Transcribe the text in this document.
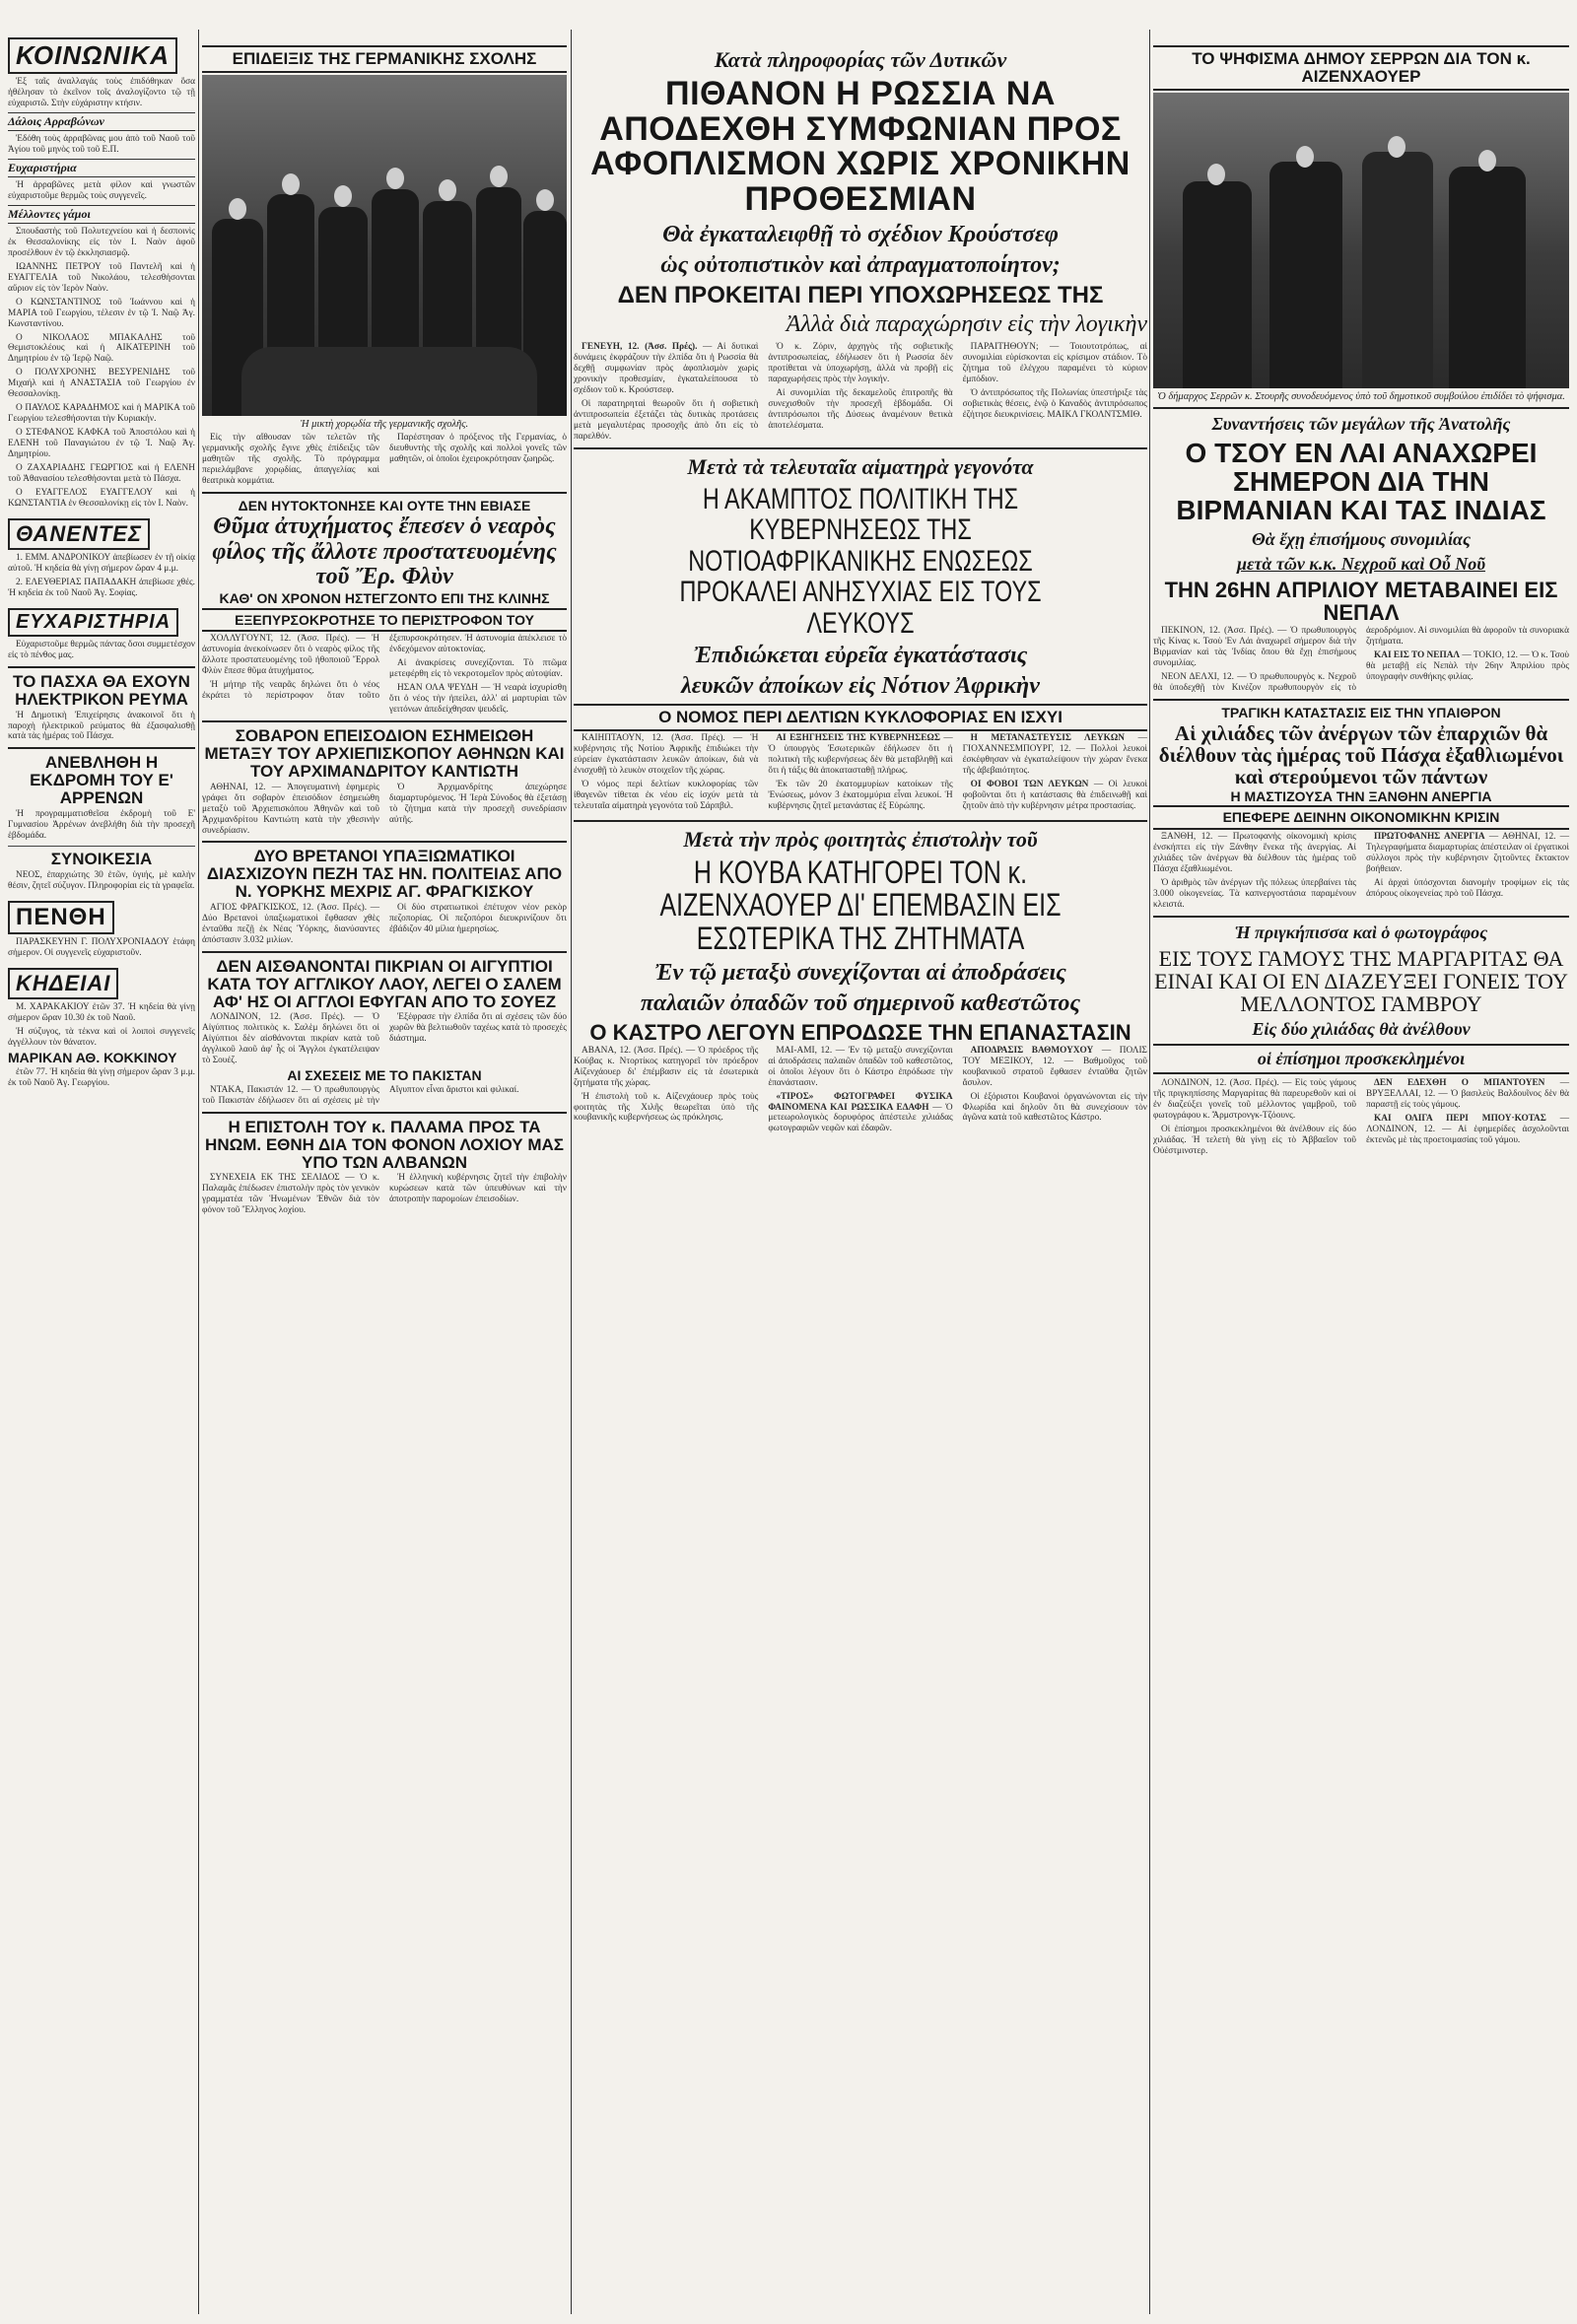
ΚΟΙΝΩΝΙΚΑ

Ἐξ ταῖς ἀναλλαγάς τοὺς ἐπιδόθηκαν ὅσα ἠθέλησαν τὸ ἐκεῖνον τοῖς ἀναλογίζοντο τῷ τῇ εὐχαριστῶ. Στὴν εὐχάριστην κτήσιν.

Δάλοις Αρραβώνων

Ἐδόθη τοὺς ἀρραβῶνας μου ἀπὸ τοῦ Ναοῦ τοῦ Ἁγίου τοῦ μηνὸς τοῦ τοῦ Ε.Π.

Ευχαριστήρια

Ἡ ἀρραβῶνες μετὰ φίλον καὶ γνωστῶν εὐχαριστοῦμε θερμῶς τοὺς συγγενεῖς.

Μέλλοντες γάμοι

Σπουδαστὴς τοῦ Πολυτεχνείου καὶ ἡ δεσποινὶς ἐκ Θεσσαλονίκης εἰς τὸν Ι. Ναὸν ἀφοῦ προσέλθουν ἐν τῷ ἐκκλησιασμῷ.

ΙΩΑΝΝΗΣ ΠΕΤΡΟΥ τοῦ Παντελῆ καὶ ἡ ΕΥΑΓΓΕΛΙΑ τοῦ Νικολάου, τελεσθήσονται αὔριον εἰς τὸν Ἱερὸν Ναὸν.

Ο ΚΩΝΣΤΑΝΤΙΝΟΣ τοῦ Ἰωάννου καὶ ἡ ΜΑΡΙΑ τοῦ Γεωργίου, τέλεσιν ἐν τῷ Ἱ. Ναῷ Ἁγ. Κωνσταντίνου.

Ο ΝΙΚΟΛΑΟΣ ΜΠΑΚΑΛΗΣ τοῦ Θεμιστοκλέους καὶ ἡ ΑΙΚΑΤΕΡΙΝΗ τοῦ Δημητρίου ἐν τῷ Ἱερῷ Ναῷ.

Ο ΠΟΛΥΧΡΟΝΗΣ ΒΕΣΥΡΕΝΙΔΗΣ τοῦ Μιχαήλ καὶ ἡ ΑΝΑΣΤΑΣΙΑ τοῦ Γεωργίου ἐν Θεσσαλονίκῃ.

Ο ΠΑΥΛΟΣ ΚΑΡΑΔΗΜΟΣ καὶ ἡ ΜΑΡΙΚΑ τοῦ Γεωργίου τελεσθήσονται τὴν Κυριακήν.

Ο ΣΤΕΦΑΝΟΣ ΚΑΦΚΑ τοῦ Ἀποστόλου καὶ ἡ ΕΛΕΝΗ τοῦ Παναγιώτου ἐν τῷ Ἱ. Ναῷ Ἁγ. Δημητρίου.

Ο ΖΑΧΑΡΙΑΔΗΣ ΓΕΩΡΓΙΟΣ καὶ ἡ ΕΛΕΝΗ τοῦ Ἀθανασίου τελεσθήσονται μετὰ τὸ Πάσχα.

Ο ΕΥΑΓΓΕΛΟΣ ΕΥΑΓΓΕΛΟΥ καὶ ἡ ΚΩΝΣΤΑΝΤΙΑ ἐν Θεσσαλονίκῃ εἰς τὸν Ι. Ναὸν.

ΘΑΝΕΝΤΕΣ

1. ΕΜΜ. ΑΝΔΡΟΝΙΚΟΥ ἀπεβίωσεν ἐν τῇ οἰκίᾳ αὐτοῦ. Ἡ κηδεία θὰ γίνῃ σήμερον ὥραν 4 μ.μ.

2. ΕΛΕΥΘΕΡΙΑΣ ΠΑΠΑΔΑΚΗ ἀπεβίωσε χθές. Ἡ κηδεία ἐκ τοῦ Ναοῦ Ἁγ. Σοφίας.

ΕΥΧΑΡΙΣΤΗΡΙΑ

Εὐχαριστοῦμε θερμῶς πάντας ὅσοι συμμετέσχον εἰς τὸ πένθος μας.

ΤΟ ΠΑΣΧΑ ΘΑ ΕΧΟΥΝ ΗΛΕΚΤΡΙΚΟΝ ΡΕΥΜΑ

Ἡ Δημοτικὴ Ἐπιχείρησις ἀνακοινοῖ ὅτι ἡ παροχὴ ἠλεκτρικοῦ ρεύματος θὰ ἐξασφαλισθῇ κατὰ τὰς ἡμέρας τοῦ Πάσχα.

ΑΝΕΒΛΗΘΗ Η ΕΚΔΡΟΜΗ ΤΟΥ Ε' ΑΡΡΕΝΩΝ

Ἡ προγραμματισθεῖσα ἐκδρομὴ τοῦ Ε' Γυμνασίου Ἀρρένων ἀνεβλήθη διὰ τὴν προσεχῆ ἑβδομάδα.

ΣΥΝΟΙΚΕΣΙΑ

ΝΕΟΣ, ἐπαρχιώτης 30 ἐτῶν, ὑγιής, μὲ καλὴν θέσιν, ζητεῖ σύζυγον. Πληροφορίαι εἰς τὰ γραφεῖα.

ΠΕΝΘΗ

ΠΑΡΑΣΚΕΥΗΝ Γ. ΠΟΛΥΧΡΟΝΙΑΔΟΥ ἐτάφη σήμερον. Οἱ συγγενεῖς εὐχαριστοῦν.

ΚΗΔΕΙΑΙ

Μ. ΧΑΡΑΚΑΚΙΟΥ ἐτῶν 37. Ἡ κηδεία θὰ γίνῃ σήμερον ὥραν 10.30 ἐκ τοῦ Ναοῦ.

Ἡ σύζυγος, τὰ τέκνα καὶ οἱ λοιποὶ συγγενεῖς ἀγγέλλουν τὸν θάνατον.

ΜΑΡΙΚΑΝ ΑΘ. ΚΟΚΚΙΝΟΥ

ἐτῶν 77. Ἡ κηδεία θὰ γίνῃ σήμερον ὥραν 3 μ.μ. ἐκ τοῦ Ναοῦ Ἁγ. Γεωργίου.

ΕΠΙΔΕΙΞΙΣ ΤΗΣ ΓΕΡΜΑΝΙΚΗΣ ΣΧΟΛΗΣ
Ἡ μικτὴ χορῳδία τῆς γερμανικῆς σχολῆς.

Εἰς τὴν αἴθουσαν τῶν τελετῶν τῆς γερμανικῆς σχολῆς ἔγινε χθὲς ἐπίδειξις τῶν μαθητῶν τῆς σχολῆς. Τὸ πρόγραμμα περιελάμβανε χορῳδίας, ἀπαγγελίας καὶ θεατρικὰ κομμάτια.

Παρέστησαν ὁ πρόξενος τῆς Γερμανίας, ὁ διευθυντὴς τῆς σχολῆς καὶ πολλοὶ γονεῖς τῶν μαθητῶν, οἱ ὁποῖοι ἐχειροκρότησαν ζωηρῶς.

ΔΕΝ ΗΥΤΟΚΤΟΝΗΣΕ ΚΑΙ ΟΥΤΕ ΤΗΝ ΕΒΙΑΣΕ
Θῦμα ἀτυχήματος ἔπεσεν ὁ νεαρὸς φίλος τῆς ἄλλοτε προστατευομένης τοῦ Ἔρ. Φλὺν
ΚΑΘ' ΟΝ ΧΡΟΝΟΝ ΗΣΤΕΓΖΟΝΤΟ ΕΠΙ ΤΗΣ ΚΛΙΝΗΣ
ΕΞΕΠΥΡΣΟΚΡΟΤΗΣΕ ΤΟ ΠΕΡΙΣΤΡΟΦΟΝ ΤΟΥ

ΧΟΛΛΥΓΟΥΝΤ, 12. (Ἀσσ. Πρές). — Ἡ ἀστυνομία ἀνεκοίνωσεν ὅτι ὁ νεαρὸς φίλος τῆς ἄλλοτε προστατευομένης τοῦ ἠθοποιοῦ Ἔρρολ Φλὺν ἔπεσε θῦμα ἀτυχήματος.

Ἡ μήτηρ τῆς νεαρᾶς δηλώνει ὅτι ὁ νέος ἐκράτει τὸ περίστροφον ὅταν τοῦτο ἐξεπυρσοκρότησεν. Ἡ ἀστυνομία ἀπέκλεισε τὸ ἐνδεχόμενον αὐτοκτονίας.

Αἱ ἀνακρίσεις συνεχίζονται. Τὸ πτῶμα μετεφέρθη εἰς τὸ νεκροτομεῖον πρὸς αὐτοψίαν.

ΗΣΑΝ ΟΛΑ ΨΕΥΔΗ — Ἡ νεαρὰ ἰσχυρίσθη ὅτι ὁ νέος τὴν ἠπείλει, ἀλλ' αἱ μαρτυρίαι τῶν γειτόνων ἀπεδείχθησαν ψευδεῖς.

ΣΟΒΑΡΟΝ ΕΠΕΙΣΟΔΙΟΝ ΕΣΗΜΕΙΩΘΗ ΜΕΤΑΞΥ ΤΟΥ ΑΡΧΙΕΠΙΣΚΟΠΟΥ ΑΘΗΝΩΝ ΚΑΙ ΤΟΥ ΑΡΧΙΜΑΝΔΡΙΤΟΥ ΚΑΝΤΙΩΤΗ

ΑΘΗΝΑΙ, 12. — Ἀπογευματινὴ ἐφημερὶς γράφει ὅτι σοβαρὸν ἐπεισόδιον ἐσημειώθη μεταξὺ τοῦ Ἀρχιεπισκόπου Ἀθηνῶν καὶ τοῦ Ἀρχιμανδρίτου Καντιώτη κατὰ τὴν χθεσινὴν συνεδρίασιν.

Ὁ Ἀρχιμανδρίτης ἀπεχώρησε διαμαρτυρόμενος. Ἡ Ἱερὰ Σύνοδος θὰ ἐξετάσῃ τὸ ζήτημα κατὰ τὴν προσεχῆ συνεδρίασιν αὐτῆς.

ΔΥΟ ΒΡΕΤΑΝΟΙ ΥΠΑΞΙΩΜΑΤΙΚΟΙ ΔΙΑΣΧΙΖΟΥΝ ΠΕΖΗ ΤΑΣ ΗΝ. ΠΟΛΙΤΕΙΑΣ ΑΠΟ Ν. ΥΟΡΚΗΣ ΜΕΧΡΙΣ ΑΓ. ΦΡΑΓΚΙΣΚΟΥ

ΑΓΙΟΣ ΦΡΑΓΚΙΣΚΟΣ, 12. (Ἀσσ. Πρές). — Δύο Βρετανοὶ ὑπαξιωματικοὶ ἔφθασαν χθὲς ἐνταῦθα πεζῇ ἐκ Νέας Ὑόρκης, διανύσαντες ἀπόστασιν 3.032 μιλίων.

Οἱ δύο στρατιωτικοὶ ἐπέτυχον νέον ρεκὸρ πεζοπορίας. Οἱ πεζοπόροι διευκρινίζουν ὅτι ἐβάδιζον 40 μίλια ἡμερησίως.

ΔΕΝ ΑΙΣΘΑΝΟΝΤΑΙ ΠΙΚΡΙΑΝ ΟΙ ΑΙΓΥΠΤΙΟΙ ΚΑΤΑ ΤΟΥ ΑΓΓΛΙΚΟΥ ΛΑΟΥ, ΛΕΓΕΙ Ο ΣΑΛΕΜ ΑΦ' ΗΣ ΟΙ ΑΓΓΛΟΙ ΕΦΥΓΑΝ ΑΠΟ ΤΟ ΣΟΥΕΖ

ΛΟΝΔΙΝΟΝ, 12. (Ἀσσ. Πρές). — Ὁ Αἰγύπτιος πολιτικὸς κ. Σαλὲμ δηλώνει ὅτι οἱ Αἰγύπτιοι δὲν αἰσθάνονται πικρίαν κατὰ τοῦ ἀγγλικοῦ λαοῦ ἀφ' ἧς οἱ Ἄγγλοι ἐγκατέλειψαν τὸ Σουέζ.

Ἐξέφρασε τὴν ἐλπίδα ὅτι αἱ σχέσεις τῶν δύο χωρῶν θὰ βελτιωθοῦν ταχέως κατὰ τὸ προσεχὲς διάστημα.

ΑΙ ΣΧΕΣΕΙΣ ΜΕ ΤΟ ΠΑΚΙΣΤΑΝ

ΝΤΑΚΑ, Πακιστάν 12. — Ὁ πρωθυπουργὸς τοῦ Πακιστὰν ἐδήλωσεν ὅτι αἱ σχέσεις μὲ τὴν Αἴγυπτον εἶναι ἄριστοι καὶ φιλικαί.

Η ΕΠΙΣΤΟΛΗ ΤΟΥ κ. ΠΑΛΑΜΑ ΠΡΟΣ ΤΑ ΗΝΩΜ. ΕΘΝΗ ΔΙΑ ΤΟΝ ΦΟΝΟΝ ΛΟΧΙΟΥ ΜΑΣ ΥΠΟ ΤΩΝ ΑΛΒΑΝΩΝ

ΣΥΝΕΧΕΙΑ ΕΚ ΤΗΣ ΣΕΛΙΔΟΣ — Ὁ κ. Παλαμᾶς ἐπέδωσεν ἐπιστολὴν πρὸς τὸν γενικὸν γραμματέα τῶν Ἡνωμένων Ἐθνῶν διὰ τὸν φόνον τοῦ Ἕλληνος λοχίου.

Ἡ ἑλληνικὴ κυβέρνησις ζητεῖ τὴν ἐπιβολὴν κυρώσεων κατὰ τῶν ὑπευθύνων καὶ τὴν ἀποτροπὴν παρομοίων ἐπεισοδίων.

Κατὰ πληροφορίας τῶν Δυτικῶν
ΠΙΘΑΝΟΝ Η ΡΩΣΣΙΑ ΝΑ ΑΠΟΔΕΧΘΗ ΣΥΜΦΩΝΙΑΝ ΠΡΟΣ ΑΦΟΠΛΙΣΜΟΝ ΧΩΡΙΣ ΧΡΟΝΙΚΗΝ ΠΡΟΘΕΣΜΙΑΝ
Θὰ ἐγκαταλειφθῇ τὸ σχέδιον Κρούστσεφ
ὡς οὐτοπιστικὸν καὶ ἀπραγματοποίητον;
ΔΕΝ ΠΡΟΚΕΙΤΑΙ ΠΕΡΙ ΥΠΟΧΩΡΗΣΕΩΣ ΤΗΣ
Ἀλλὰ διὰ παραχώρησιν εἰς τὴν λογικὴν

ΓΕΝΕΥΗ, 12. (Ἀσσ. Πρές). — Αἱ δυτικαὶ δυνάμεις ἐκφράζουν τὴν ἐλπίδα ὅτι ἡ Ρωσσία θὰ δεχθῇ συμφωνίαν πρὸς ἀφοπλισμὸν χωρὶς χρονικὴν προθεσμίαν, ἐγκαταλείπουσα τὸ σχέδιον τοῦ κ. Κρούστσεφ.

Οἱ παρατηρηταὶ θεωροῦν ὅτι ἡ σοβιετικὴ ἀντιπροσωπεία ἐξετάζει τὰς δυτικὰς προτάσεις μετὰ μεγαλυτέρας προσοχῆς ἀπὸ ὅτι εἰς τὸ παρελθόν.

Ὁ κ. Ζόριν, ἀρχηγὸς τῆς σοβιετικῆς ἀντιπροσωπείας, ἐδήλωσεν ὅτι ἡ Ρωσσία δὲν προτίθεται νὰ ὑποχωρήσῃ, ἀλλὰ νὰ προβῇ εἰς παραχωρήσεις πρὸς τὴν λογικήν.

Αἱ συνομιλίαι τῆς δεκαμελοῦς ἐπιτροπῆς θὰ συνεχισθοῦν τὴν προσεχῆ ἑβδομάδα. Οἱ ἀντιπρόσωποι τῆς Δύσεως ἀναμένουν θετικὰ ἀποτελέσματα.

ΠΑΡΑΙΤΗΘΟΥΝ; — Τοιουτοτρόπως, αἱ συνομιλίαι εὑρίσκονται εἰς κρίσιμον στάδιον. Τὸ ζήτημα τοῦ ἐλέγχου παραμένει τὸ κύριον ἐμπόδιον.

Ὁ ἀντιπρόσωπος τῆς Πολωνίας ὑπεστήριξε τὰς σοβιετικὰς θέσεις, ἐνῷ ὁ Καναδὸς ἀντιπρόσωπος ἐζήτησε διευκρινίσεις. ΜΑΙΚΛ ΓΚΟΛΝΤΣΜΙΘ.

Μετὰ τὰ τελευταῖα αἱματηρὰ γεγονότα
Η ΑΚΑΜΠΤΟΣ ΠΟΛΙΤΙΚΗ ΤΗΣ ΚΥΒΕΡΝΗΣΕΩΣ ΤΗΣ ΝΟΤΙΟΑΦΡΙΚΑΝΙΚΗΣ ΕΝΩΣΕΩΣ ΠΡΟΚΑΛΕΙ ΑΝΗΣΥΧΙΑΣ ΕΙΣ ΤΟΥΣ ΛΕΥΚΟΥΣ
Ἐπιδιώκεται εὐρεῖα ἐγκατάστασις
λευκῶν ἀποίκων εἰς Νότιον Ἀφρικὴν
Ο ΝΟΜΟΣ ΠΕΡΙ ΔΕΛΤΙΩΝ ΚΥΚΛΟΦΟΡΙΑΣ ΕΝ ΙΣΧΥΙ

ΚΑΙΗΠΤΑΟΥΝ, 12. (Ἀσσ. Πρές). — Ἡ κυβέρνησις τῆς Νοτίου Ἀφρικῆς ἐπιδιώκει τὴν εὐρείαν ἐγκατάστασιν λευκῶν ἀποίκων, διὰ νὰ ἐνισχυθῇ τὸ λευκὸν στοιχεῖον τῆς χώρας.

Ὁ νόμος περὶ δελτίων κυκλοφορίας τῶν ἰθαγενῶν τίθεται ἐκ νέου εἰς ἰσχύν μετὰ τὰ τελευταῖα αἱματηρὰ γεγονότα τοῦ Σάρπβιλ.

ΑΙ ΕΞΗΓΗΣΕΙΣ ΤΗΣ ΚΥΒΕΡΝΗΣΕΩΣ — Ὁ ὑπουργὸς Ἐσωτερικῶν ἐδήλωσεν ὅτι ἡ πολιτικὴ τῆς κυβερνήσεως δὲν θὰ μεταβληθῇ καὶ ὅτι ἡ τάξις θὰ ἀποκατασταθῇ πλήρως.

Ἐκ τῶν 20 ἑκατομμυρίων κατοίκων τῆς Ἐνώσεως, μόνον 3 ἑκατομμύρια εἶναι λευκοί. Ἡ κυβέρνησις ζητεῖ μετανάστας ἐξ Εὐρώπης.

Η ΜΕΤΑΝΑΣΤΕΥΣΙΣ ΛΕΥΚΩΝ — ΓΙΟΧΑΝΝΕΣΜΠΟΥΡΓ, 12. — Πολλοὶ λευκοὶ ἐσκέφθησαν νὰ ἐγκαταλείψουν τὴν χώραν ἕνεκα τῆς ἀβεβαιότητος.

ΟΙ ΦΟΒΟΙ ΤΩΝ ΛΕΥΚΩΝ — Οἱ λευκοὶ φοβοῦνται ὅτι ἡ κατάστασις θὰ ἐπιδεινωθῇ καὶ ζητοῦν ἀπὸ τὴν κυβέρνησιν μέτρα προστασίας.

Μετὰ τὴν πρὸς φοιτητὰς ἐπιστολὴν τοῦ
Η ΚΟΥΒΑ ΚΑΤΗΓΟΡΕΙ ΤΟΝ κ. ΑΙΖΕΝΧΑΟΥΕΡ ΔΙ' ΕΠΕΜΒΑΣΙΝ ΕΙΣ ΕΣΩΤΕΡΙΚΑ ΤΗΣ ΖΗΤΗΜΑΤΑ
Ἐν τῷ μεταξὺ συνεχίζονται αἱ ἀποδράσεις
παλαιῶν ὀπαδῶν τοῦ σημερινοῦ καθεστῶτος
Ο ΚΑΣΤΡΟ ΛΕΓΟΥΝ ΕΠΡΟΔΩΣΕ ΤΗΝ ΕΠΑΝΑΣΤΑΣΙΝ

ΑΒΑΝΑ, 12. (Ἀσσ. Πρές). — Ὁ πρόεδρος τῆς Κούβας κ. Ντορτίκος κατηγορεῖ τὸν πρόεδρον Αἰζενχάουερ δι' ἐπέμβασιν εἰς τὰ ἐσωτερικὰ ζητήματα τῆς χώρας.

Ἡ ἐπιστολὴ τοῦ κ. Αἰζενχάουερ πρὸς τοὺς φοιτητὰς τῆς Χιλῆς θεωρεῖται ὑπὸ τῆς κουβανικῆς κυβερνήσεως ὡς πρόκλησις.

ΜΑΙ-ΑΜΙ, 12. — Ἐν τῷ μεταξὺ συνεχίζονται αἱ ἀποδράσεις παλαιῶν ὀπαδῶν τοῦ καθεστῶτος, οἱ ὁποῖοι λέγουν ὅτι ὁ Κάστρο ἐπρόδωσε τὴν ἐπανάστασιν.

«ΤΙΡΟΣ» ΦΩΤΟΓΡΑΦΕΙ ΦΥΣΙΚΑ ΦΑΙΝΟΜΕΝΑ ΚΑΙ ΡΩΣΣΙΚΑ ΕΔΑΦΗ — Ὁ μετεωρολογικὸς δορυφόρος ἀπέστειλε χιλιάδας φωτογραφιῶν νεφῶν καὶ ἐδαφῶν.

ΑΠΟΔΡΑΣΙΣ ΒΑΘΜΟΥΧΟΥ — ΠΟΛΙΣ ΤΟΥ ΜΕΞΙΚΟΥ, 12. — Βαθμοῦχος τοῦ κουβανικοῦ στρατοῦ ἔφθασεν ἐνταῦθα ζητῶν ἄσυλον.

Οἱ ἐξόριστοι Κουβανοὶ ὀργανώνονται εἰς τὴν Φλωρίδα καὶ δηλοῦν ὅτι θὰ συνεχίσουν τὸν ἀγῶνα κατὰ τοῦ καθεστῶτος Κάστρο.

ΤΟ ΨΗΦΙΣΜΑ ΔΗΜΟΥ ΣΕΡΡΩΝ ΔΙΑ ΤΟΝ κ. ΑΙΖΕΝΧΑΟΥΕΡ
Ὁ δήμαρχος Σερρῶν κ. Στουρῆς συνοδευόμενος ὑπὸ τοῦ δημοτικοῦ συμβούλου ἐπιδίδει τὸ ψήφισμα.
Συναντήσεις τῶν μεγάλων τῆς Ἀνατολῆς
Ο ΤΣΟΥ ΕΝ ΛΑΙ ΑΝΑΧΩΡΕΙ ΣΗΜΕΡΟΝ ΔΙΑ ΤΗΝ ΒΙΡΜΑΝΙΑΝ ΚΑΙ ΤΑΣ ΙΝΔΙΑΣ
Θὰ ἔχῃ ἐπισήμους συνομιλίας
μετὰ τῶν κ.κ. Νεχροῦ καὶ Οὖ Νοῦ
ΤΗΝ 26ΗΝ ΑΠΡΙΛΙΟΥ ΜΕΤΑΒΑΙΝΕΙ ΕΙΣ ΝΕΠΑΛ

ΠΕΚΙΝΟΝ, 12. (Ἀσσ. Πρές). — Ὁ πρωθυπουργὸς τῆς Κίνας κ. Τσοὺ Ἐν Λάι ἀναχωρεῖ σήμερον διὰ τὴν Βιρμανίαν καὶ τὰς Ἰνδίας ὅπου θὰ ἔχῃ ἐπισήμους συνομιλίας.

ΝΕΟΝ ΔΕΛΧΙ, 12. — Ὁ πρωθυπουργὸς κ. Νεχροῦ θὰ ὑποδεχθῇ τὸν Κινέζον πρωθυπουργὸν εἰς τὸ ἀεροδρόμιον. Αἱ συνομιλίαι θὰ ἀφοροῦν τὰ συνοριακὰ ζητήματα.

ΚΑΙ ΕΙΣ ΤΟ ΝΕΠΑΛ — ΤΟΚΙΟ, 12. — Ὁ κ. Τσοὺ θὰ μεταβῇ εἰς Νεπὰλ τὴν 26ην Ἀπριλίου πρὸς ὑπογραφὴν συνθήκης φιλίας.

ΤΡΑΓΙΚΗ ΚΑΤΑΣΤΑΣΙΣ ΕΙΣ ΤΗΝ ΥΠΑΙΘΡΟΝ
Αἱ χιλιάδες τῶν ἀνέργων τῶν ἐπαρχιῶν θὰ διέλθουν τὰς ἡμέρας τοῦ Πάσχα ἐξαθλιωμένοι καὶ στερούμενοι τῶν πάντων
Η ΜΑΣΤΙΖΟΥΣΑ ΤΗΝ ΞΑΝΘΗΝ ΑΝΕΡΓΙΑ
ΕΠΕΦΕΡΕ ΔΕΙΝΗΝ ΟΙΚΟΝΟΜΙΚΗΝ ΚΡΙΣΙΝ

ΞΑΝΘΗ, 12. — Πρωτοφανὴς οἰκονομικὴ κρίσις ἐνσκήπτει εἰς τὴν Ξάνθην ἕνεκα τῆς ἀνεργίας. Αἱ χιλιάδες τῶν ἀνέργων θὰ διέλθουν τὰς ἡμέρας τοῦ Πάσχα ἐξαθλιωμένοι.

Ὁ ἀριθμὸς τῶν ἀνέργων τῆς πόλεως ὑπερβαίνει τὰς 3.000 οἰκογενείας. Τὰ καπνεργοστάσια παραμένουν κλειστά.

ΠΡΩΤΟΦΑΝΗΣ ΑΝΕΡΓΙΑ — ΑΘΗΝΑΙ, 12. — Τηλεγραφήματα διαμαρτυρίας ἀπέστειλαν οἱ ἐργατικοὶ σύλλογοι πρὸς τὴν κυβέρνησιν ζητοῦντες ἔκτακτον βοήθειαν.

Αἱ ἀρχαὶ ὑπόσχονται διανομὴν τροφίμων εἰς τὰς ἀπόρους οἰκογενείας πρὸ τοῦ Πάσχα.

Ἡ πριγκήπισσα καὶ ὁ φωτογράφος
ΕΙΣ ΤΟΥΣ ΓΑΜΟΥΣ ΤΗΣ ΜΑΡΓΑΡΙΤΑΣ ΘΑ ΕΙΝΑΙ ΚΑΙ ΟΙ ΕΝ ΔΙΑΖΕΥΞΕΙ ΓΟΝΕΙΣ ΤΟΥ ΜΕΛΛΟΝΤΟΣ ΓΑΜΒΡΟΥ
Εἰς δύο χιλιάδας θὰ ἀνέλθουν
οἱ ἐπίσημοι προσκεκλημένοι

ΛΟΝΔΙΝΟΝ, 12. (Ἀσσ. Πρές). — Εἰς τοὺς γάμους τῆς πριγκηπίσσης Μαργαρίτας θὰ παρευρεθοῦν καὶ οἱ ἐν διαζεύξει γονεῖς τοῦ μέλλοντος γαμβροῦ, τοῦ φωτογράφου κ. Ἄρμστρονγκ-Τζόουνς.

Οἱ ἐπίσημοι προσκεκλημένοι θὰ ἀνέλθουν εἰς δύο χιλιάδας. Ἡ τελετὴ θὰ γίνῃ εἰς τὸ Ἀββαεῖον τοῦ Οὐέστμινστερ.

ΔΕΝ ΕΔΕΧΘΗ Ο ΜΠΑΝΤΟΥΕΝ — ΒΡΥΞΕΛΛΑΙ, 12. — Ὁ βασιλεὺς Βαλδουῖνος δὲν θὰ παραστῇ εἰς τοὺς γάμους.

ΚΑΙ ΟΛΙΓΑ ΠΕΡΙ ΜΠΟΥ·ΚΟΤΑΣ — ΛΟΝΔΙΝΟΝ, 12. — Αἱ ἐφημερίδες ἀσχολοῦνται ἐκτενῶς μὲ τὰς προετοιμασίας τοῦ γάμου.
